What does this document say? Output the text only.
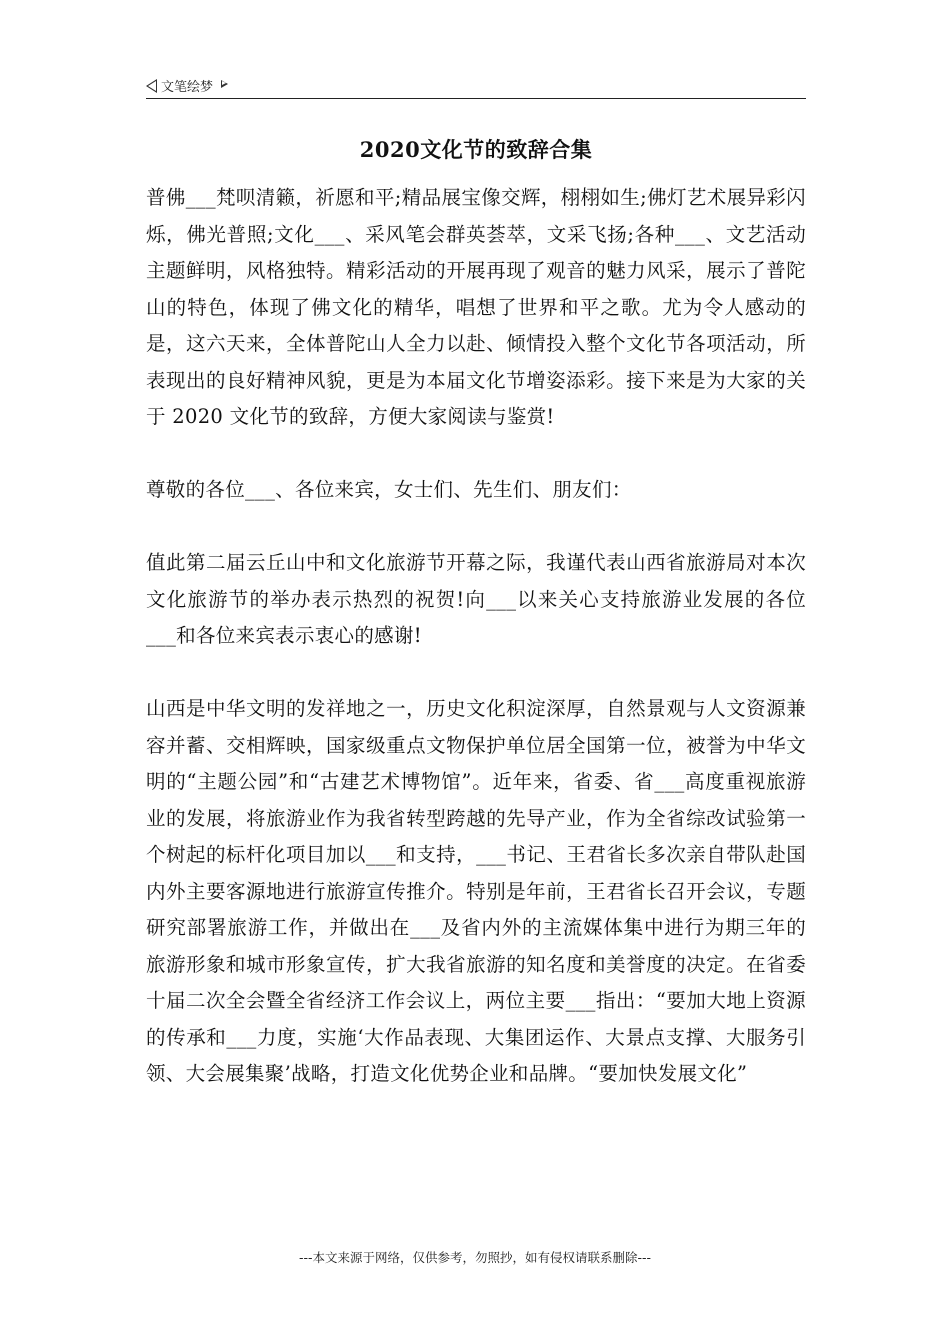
文笔绘梦
2020文化节的致辞合集

普佛___梵呗清籁，祈愿和平;精品展宝像交辉，栩栩如生;佛灯艺术展异彩闪烁，佛光普照;文化___、采风笔会群英荟萃，文采飞扬;各种___、文艺活动主题鲜明，风格独特。精彩活动的开展再现了观音的魅力风采，展示了普陀山的特色，体现了佛文化的精华，唱想了世界和平之歌。尤为令人感动的是，这六天来，全体普陀山人全力以赴、倾情投入整个文化节各项活动，所表现出的良好精神风貌，更是为本届文化节增姿添彩。接下来是为大家的关于 2020 文化节的致辞，方便大家阅读与鉴赏!

尊敬的各位___、各位来宾，女士们、先生们、朋友们：

值此第二届云丘山中和文化旅游节开幕之际，我谨代表山西省旅游局对本次文化旅游节的举办表示热烈的祝贺!向___以来关心支持旅游业发展的各位___和各位来宾表示衷心的感谢!

山西是中华文明的发祥地之一，历史文化积淀深厚，自然景观与人文资源兼容并蓄、交相辉映，国家级重点文物保护单位居全国第一位，被誉为中华文明的“主题公园”和“古建艺术博物馆”。近年来，省委、省___高度重视旅游业的发展，将旅游业作为我省转型跨越的先导产业，作为全省综改试验第一个树起的标杆化项目加以___和支持，___书记、王君省长多次亲自带队赴国内外主要客源地进行旅游宣传推介。特别是年前，王君省长召开会议，专题研究部署旅游工作，并做出在___及省内外的主流媒体集中进行为期三年的旅游形象和城市形象宣传，扩大我省旅游的知名度和美誉度的决定。在省委十届二次全会暨全省经济工作会议上，两位主要___指出：“要加大地上资源的传承和___力度，实施‘大作品表现、大集团运作、大景点支撑、大服务引领、大会展集聚’战略，打造文化优势企业和品牌。“要加快发展文化”

---本文来源于网络，仅供参考，勿照抄，如有侵权请联系删除---
